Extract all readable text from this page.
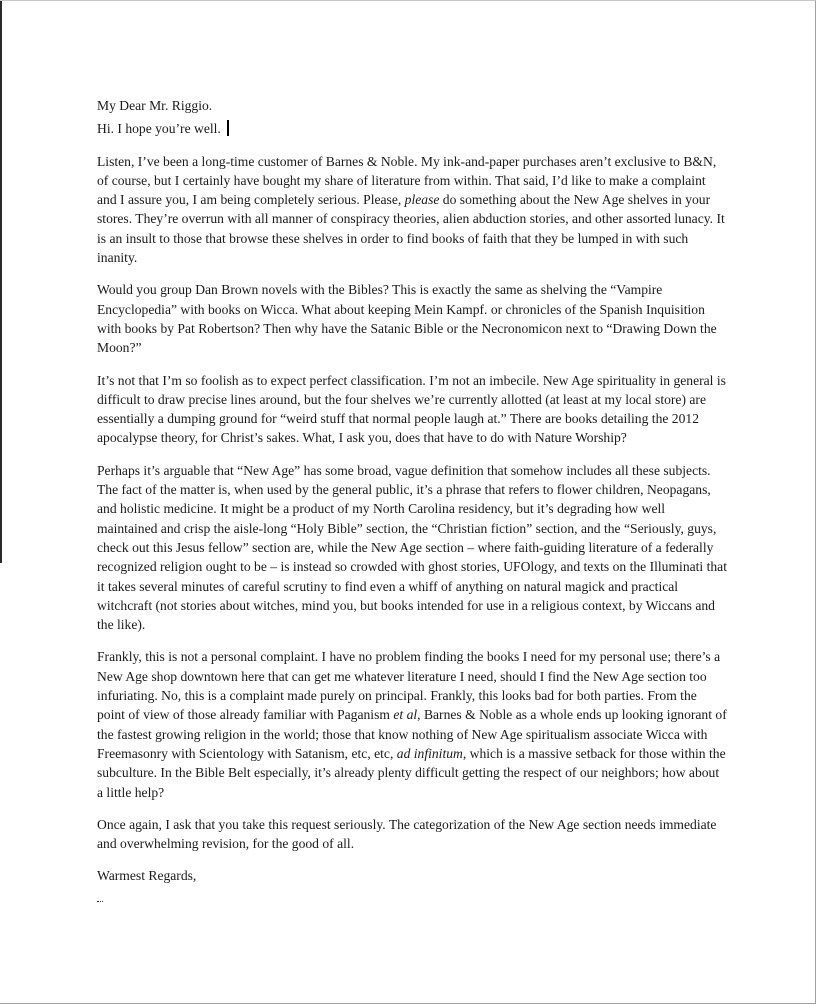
My Dear Mr. Riggio.

Hi. I hope you’re well.

Listen, I’ve been a long-time customer of Barnes & Noble. My ink-and-paper purchases aren’t exclusive to B&N, of course, but I certainly have bought my share of literature from within. That said, I’d like to make a complaint and I assure you, I am being completely serious. Please, please do something about the New Age shelves in your stores. They’re overrun with all manner of conspiracy theories, alien abduction stories, and other assorted lunacy. It is an insult to those that browse these shelves in order to find books of faith that they be lumped in with such inanity.

Would you group Dan Brown novels with the Bibles? This is exactly the same as shelving the “Vampire Encyclopedia” with books on Wicca. What about keeping Mein Kampf. or chronicles of the Spanish Inquisition with books by Pat Robertson? Then why have the Satanic Bible or the Necronomicon next to “Drawing Down the Moon?”

It’s not that I’m so foolish as to expect perfect classification. I’m not an imbecile. New Age spirituality in general is difficult to draw precise lines around, but the four shelves we’re currently allotted (at least at my local store) are essentially a dumping ground for “weird stuff that normal people laugh at.” There are books detailing the 2012 apocalypse theory, for Christ’s sakes. What, I ask you, does that have to do with Nature Worship?

Perhaps it’s arguable that “New Age” has some broad, vague definition that somehow includes all these subjects. The fact of the matter is, when used by the general public, it’s a phrase that refers to flower children, Neopagans, and holistic medicine. It might be a product of my North Carolina residency, but it’s degrading how well maintained and crisp the aisle-long “Holy Bible” section, the “Christian fiction” section, and the “Seriously, guys, check out this Jesus fellow” section are, while the New Age section – where faith-guiding literature of a federally recognized religion ought to be – is instead so crowded with ghost stories, UFOlogy, and texts on the Illuminati that it takes several minutes of careful scrutiny to find even a whiff of anything on natural magick and practical witchcraft (not stories about witches, mind you, but books intended for use in a religious context, by Wiccans and the like).

Frankly, this is not a personal complaint. I have no problem finding the books I need for my personal use; there’s a New Age shop downtown here that can get me whatever literature I need, should I find the New Age section too infuriating. No, this is a complaint made purely on principal. Frankly, this looks bad for both parties. From the point of view of those already familiar with Paganism et al, Barnes & Noble as a whole ends up looking ignorant of the fastest growing religion in the world; those that know nothing of New Age spiritualism associate Wicca with Freemasonry with Scientology with Satanism, etc, etc, ad infinitum, which is a massive setback for those within the subculture. In the Bible Belt especially, it’s already plenty difficult getting the respect of our neighbors; how about a little help?

Once again, I ask that you take this request seriously. The categorization of the New Age section needs immediate and overwhelming revision, for the good of all.

Warmest Regards,
